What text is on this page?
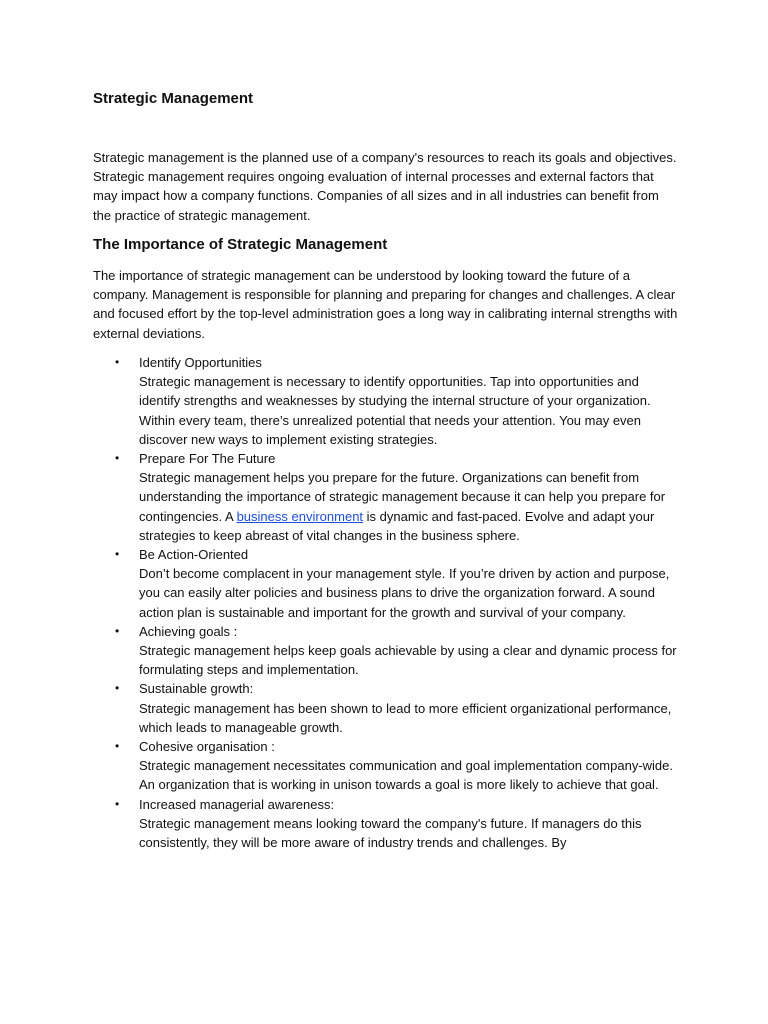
Strategic Management

Strategic management is the planned use of a company's resources to reach its goals and objectives. Strategic management requires ongoing evaluation of internal processes and external factors that may impact how a company functions. Companies of all sizes and in all industries can benefit from the practice of strategic management.

The Importance of Strategic Management

The importance of strategic management can be understood by looking toward the future of a company. Management is responsible for planning and preparing for changes and challenges. A clear and focused effort by the top-level administration goes a long way in calibrating internal strengths with external deviations.

• Identify Opportunities
Strategic management is necessary to identify opportunities. Tap into opportunities and identify strengths and weaknesses by studying the internal structure of your organization. Within every team, there’s unrealized potential that needs your attention. You may even discover new ways to implement existing strategies.
• Prepare For The Future
Strategic management helps you prepare for the future. Organizations can benefit from understanding the importance of strategic management because it can help you prepare for contingencies. A business environment is dynamic and fast-paced. Evolve and adapt your strategies to keep abreast of vital changes in the business sphere.
• Be Action-Oriented
Don’t become complacent in your management style. If you’re driven by action and purpose, you can easily alter policies and business plans to drive the organization forward. A sound action plan is sustainable and important for the growth and survival of your company.
• Achieving goals :
Strategic management helps keep goals achievable by using a clear and dynamic process for formulating steps and implementation.
• Sustainable growth:
Strategic management has been shown to lead to more efficient organizational performance, which leads to manageable growth.
• Cohesive organisation :
Strategic management necessitates communication and goal implementation company-wide. An organization that is working in unison towards a goal is more likely to achieve that goal.
• Increased managerial awareness:
Strategic management means looking toward the company's future. If managers do this consistently, they will be more aware of industry trends and challenges. By
